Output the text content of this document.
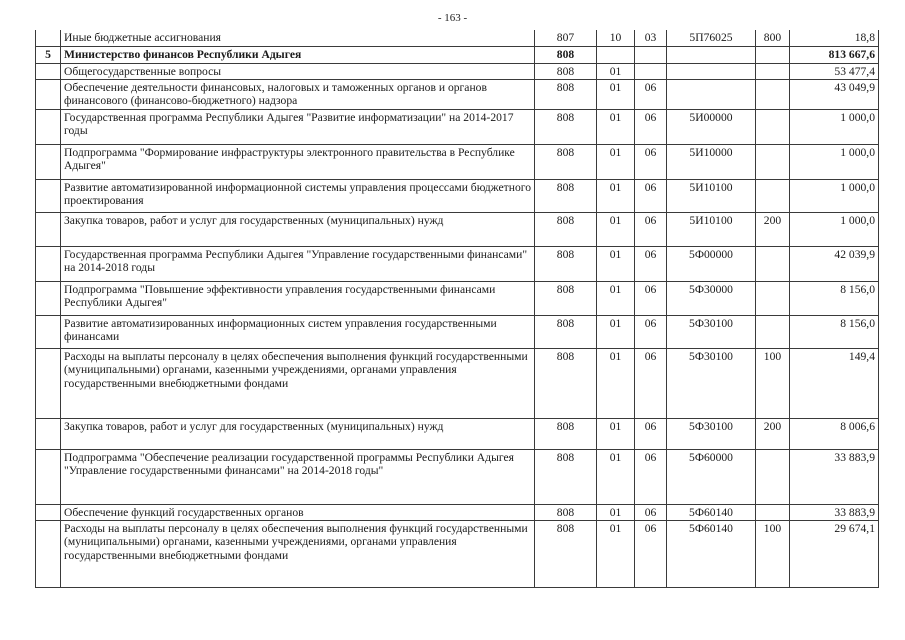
- 163 -
	Иные бюджетные ассигнования	807	10	03	5П76025	800	18,8
5	Министерство финансов Республики Адыгея	808					813 667,6
	Общегосударственные вопросы	808	01				53 477,4
	Обеспечение деятельности финансовых, налоговых и таможенных органов и органов финансового (финансово-бюджетного) надзора	808	01	06			43 049,9
	Государственная программа Республики Адыгея "Развитие информатизации" на 2014-2017 годы	808	01	06	5И00000		1 000,0
	Подпрограмма "Формирование инфраструктуры электронного правительства в Республике Адыгея"	808	01	06	5И10000		1 000,0
	Развитие автоматизированной информационной системы управления процессами бюджетного проектирования	808	01	06	5И10100		1 000,0
	Закупка товаров, работ и услуг для государственных (муниципальных) нужд	808	01	06	5И10100	200	1 000,0
	Государственная программа Республики Адыгея "Управление государственными финансами" на 2014-2018 годы	808	01	06	5Ф00000		42 039,9
	Подпрограмма "Повышение эффективности управления государственными финансами Республики Адыгея"	808	01	06	5Ф30000		8 156,0
	Развитие автоматизированных информационных систем управления государственными финансами	808	01	06	5Ф30100		8 156,0
	Расходы на выплаты персоналу в целях обеспечения выполнения функций государственными (муниципальными) органами, казенными учреждениями, органами управления государственными внебюджетными фондами	808	01	06	5Ф30100	100	149,4
	Закупка товаров, работ и услуг для государственных (муниципальных) нужд	808	01	06	5Ф30100	200	8 006,6
	Подпрограмма "Обеспечение реализации государственной программы Республики Адыгея "Управление государственными финансами" на 2014-2018 годы"	808	01	06	5Ф60000		33 883,9
	Обеспечение функций государственных органов	808	01	06	5Ф60140		33 883,9
	Расходы на выплаты персоналу в целях обеспечения выполнения функций государственными (муниципальными) органами, казенными учреждениями, органами управления государственными внебюджетными фондами	808	01	06	5Ф60140	100	29 674,1
